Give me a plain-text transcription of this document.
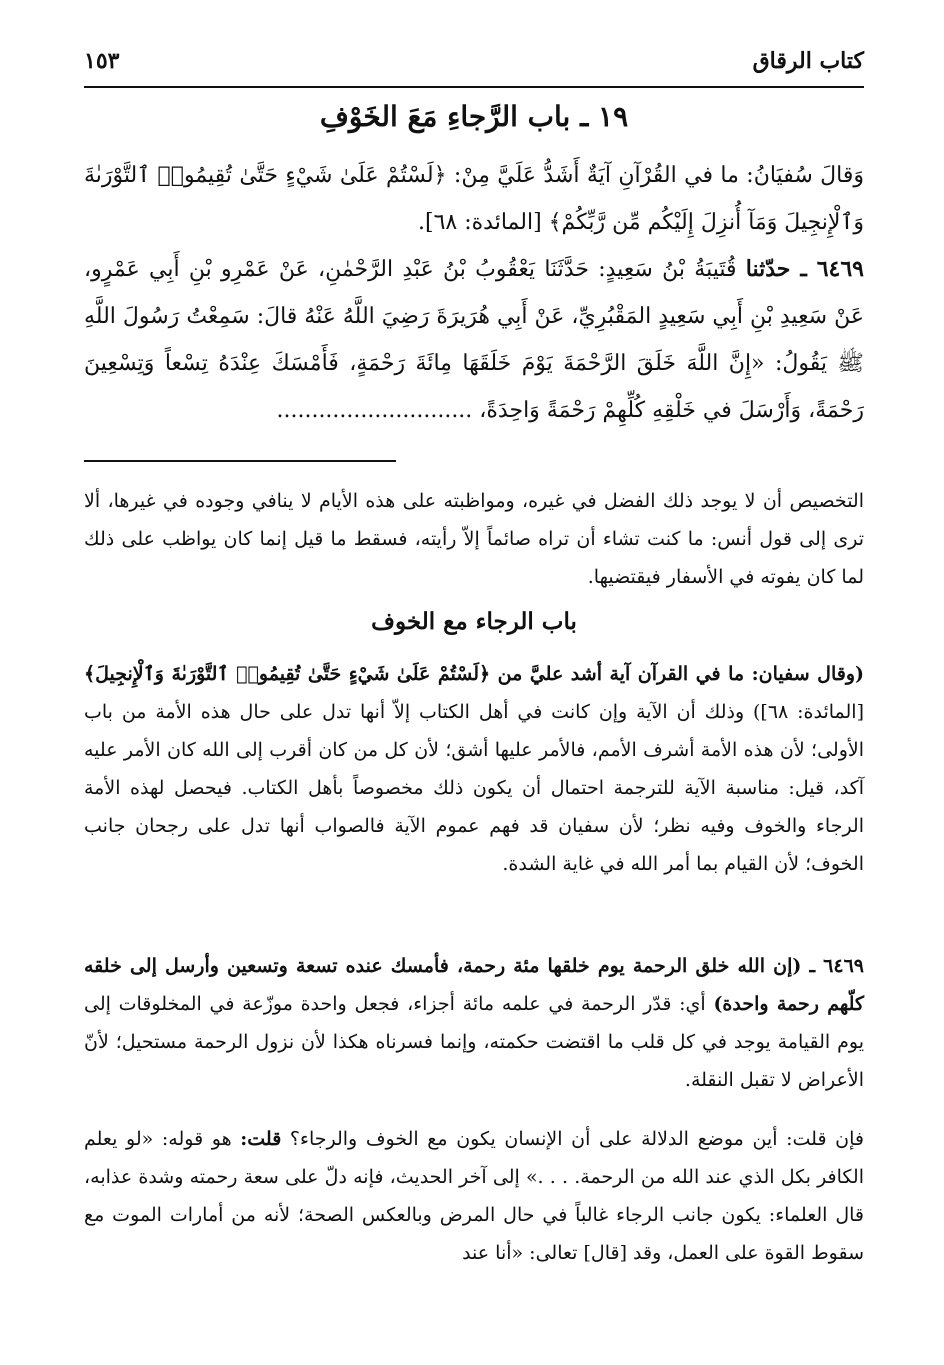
كتاب الرقاق
١٥٣
١٩ ـ باب الرَّجاءِ مَعَ الخَوْفِ
وَقالَ سُفيَانُ: ما في القُرْآنِ آيَةٌ أَشَدُّ عَلَيَّ مِنْ: ﴿لَسْتُمْ عَلَىٰ شَيْءٍ حَتَّىٰ تُقِيمُوا۟ ٱلتَّوْرَىٰةَ وَٱلْإِنجِيلَ وَمَآ أُنزِلَ إِلَيْكُم مِّن رَّبِّكُمْ﴾ [المائدة: ٦٨].
٦٤٦٩ ـ حدّثنا قُتَيبَةُ بْنُ سَعِيدٍ: حَدَّثَنَا يَعْقُوبُ بْنُ عَبْدِ الرَّحْمٰنِ، عَنْ عَمْرِو بْنِ أَبِي عَمْرٍو، عَنْ سَعِيدِ بْنِ أَبِي سَعِيدٍ المَقْبُرِيِّ، عَنْ أَبِي هُرَيرَةَ رَضِيَ اللَّهُ عَنْهُ قالَ: سَمِعْتُ رَسُولَ اللَّهِ ﷺ يَقُولُ: «إِنَّ اللَّهَ خَلَقَ الرَّحْمَةَ يَوْمَ خَلَقَهَا مِائَةَ رَحْمَةٍ، فَأَمْسَكَ عِنْدَهُ تِسْعاً وَتِسْعِينَ رَحْمَةً، وَأَرْسَلَ في خَلْقِهِ كُلِّهِمْ رَحْمَةً وَاحِدَةً، ............................
التخصيص أن لا يوجد ذلك الفضل في غيره، ومواظبته على هذه الأيام لا ينافي وجوده في غيرها، ألا ترى إلى قول أنس: ما كنت تشاء أن تراه صائماً إلاّ رأيته، فسقط ما قيل إنما كان يواظب على ذلك لما كان يفوته في الأسفار فيقتضيها.
باب الرجاء مع الخوف
(وقال سفيان: ما في القرآن آية أشد عليَّ من ﴿لَسْتُمْ عَلَىٰ شَيْءٍ حَتَّىٰ تُقِيمُوا۟ ٱلتَّوْرَىٰةَ وَٱلْإِنجِيلَ﴾ [المائدة: ٦٨]) وذلك أن الآية وإن كانت في أهل الكتاب إلاّ أنها تدل على حال هذه الأمة من باب الأولى؛ لأن هذه الأمة أشرف الأمم، فالأمر عليها أشق؛ لأن كل من كان أقرب إلى الله كان الأمر عليه آكد، قيل: مناسبة الآية للترجمة احتمال أن يكون ذلك مخصوصاً بأهل الكتاب. فيحصل لهذه الأمة الرجاء والخوف وفيه نظر؛ لأن سفيان قد فهم عموم الآية فالصواب أنها تدل على رجحان جانب الخوف؛ لأن القيام بما أمر الله في غاية الشدة.
٦٤٦٩ ـ (إن الله خلق الرحمة يوم خلقها مئة رحمة، فأمسك عنده تسعة وتسعين وأرسل إلى خلقه كلّهم رحمة واحدة) أي: قدّر الرحمة في علمه مائة أجزاء، فجعل واحدة موزّعة في المخلوقات إلى يوم القيامة يوجد في كل قلب ما اقتضت حكمته، وإنما فسرناه هكذا لأن نزول الرحمة مستحيل؛ لأنّ الأعراض لا تقبل النقلة.
فإن قلت: أين موضع الدلالة على أن الإنسان يكون مع الخوف والرجاء؟ قلت: هو قوله: «لو يعلم الكافر بكل الذي عند الله من الرحمة. . . .» إلى آخر الحديث، فإنه دلّ على سعة رحمته وشدة عذابه، قال العلماء: يكون جانب الرجاء غالباً في حال المرض وبالعكس الصحة؛ لأنه من أمارات الموت مع سقوط القوة على العمل، وقد [قال] تعالى: «أنا عند
